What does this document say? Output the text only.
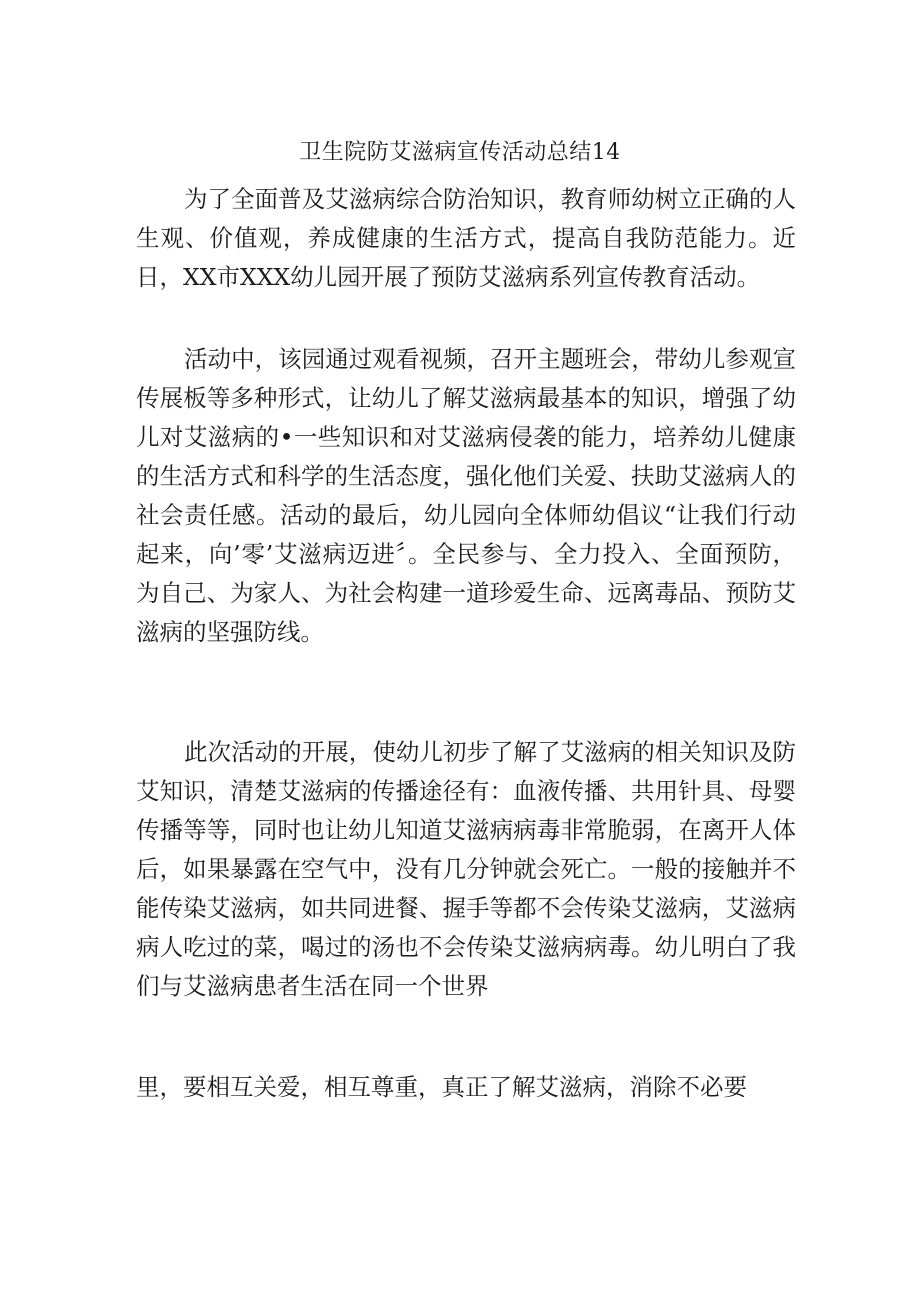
卫生院防艾滋病宣传活动总结14

为了全面普及艾滋病综合防治知识，教育师幼树立正确的人生观、价值观，养成健康的生活方式，提高自我防范能力。近日，XX市XXX幼儿园开展了预防艾滋病系列宣传教育活动。

活动中，该园通过观看视频，召开主题班会，带幼儿参观宣传展板等多种形式，让幼儿了解艾滋病最基本的知识，增强了幼儿对艾滋病的•一些知识和对艾滋病侵袭的能力，培养幼儿健康的生活方式和科学的生活态度，强化他们关爱、扶助艾滋病人的社会责任感。活动的最后，幼儿园向全体师幼倡议“让我们行动起来，向’零’艾滋病迈进〞。全民参与、全力投入、全面预防，为自己、为家人、为社会构建一道珍爱生命、远离毒品、预防艾滋病的坚强防线。

此次活动的开展，使幼儿初步了解了艾滋病的相关知识及防艾知识，清楚艾滋病的传播途径有：血液传播、共用针具、母婴传播等等，同时也让幼儿知道艾滋病病毒非常脆弱，在离开人体后，如果暴露在空气中，没有几分钟就会死亡。一般的接触并不能传染艾滋病，如共同进餐、握手等都不会传染艾滋病，艾滋病病人吃过的菜，喝过的汤也不会传染艾滋病病毒。幼儿明白了我们与艾滋病患者生活在同一个世界

里，要相互关爱，相互尊重，真正了解艾滋病，消除不必要
